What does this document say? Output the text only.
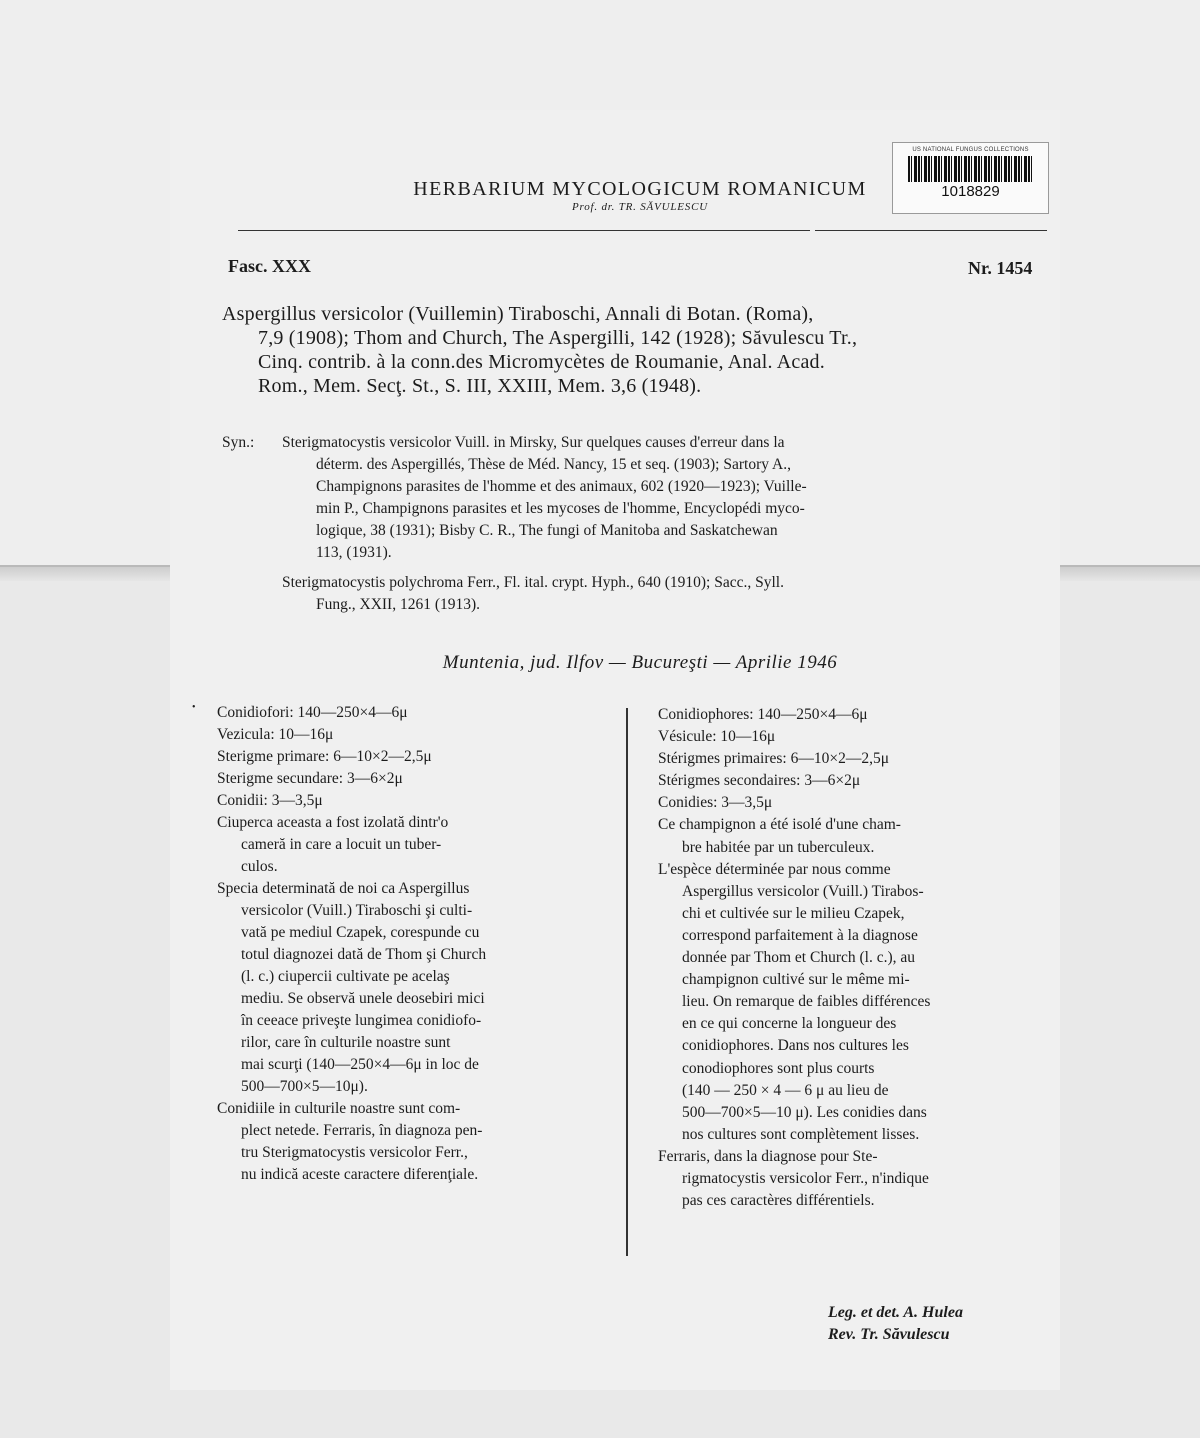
US NATIONAL FUNGUS COLLECTIONS
1018829
HERBARIUM MYCOLOGICUM ROMANICUM
Prof. dr. TR. SĂVULESCU
Fasc. XXX	Nr. 1454
Aspergillus versicolor (Vuillemin) Tiraboschi, Annali di Botan. (Roma),
7,9 (1908); Thom and Church, The Aspergilli, 142 (1928); Săvulescu Tr.,
Cinq. contrib. à la conn.des Micromycètes de Roumanie, Anal. Acad.
Rom., Mem. Secţ. St., S. III, XXIII, Mem. 3,6 (1948).
Syn.: Sterigmatocystis versicolor Vuill. in Mirsky, Sur quelques causes d'erreur dans la
déterm. des Aspergillés, Thèse de Méd. Nancy, 15 et seq. (1903); Sartory A.,
Champignons parasites de l'homme et des animaux, 602 (1920—1923); Vuille-
min P., Champignons parasites et les mycoses de l'homme, Encyclopédi myco-
logique, 38 (1931); Bisby C. R., The fungi of Manitoba and Saskatchewan
113, (1931).
Sterigmatocystis polychroma Ferr., Fl. ital. crypt. Hyph., 640 (1910); Sacc., Syll.
Fung., XXII, 1261 (1913).
Muntenia, jud. Ilfov — Bucureşti — Aprilie 1946
• Conidiofori: 140—250×4—6μ
Vezicula: 10—16μ
Sterigme primare: 6—10×2—2,5μ
Sterigme secundare: 3—6×2μ
Conidii: 3—3,5μ
Ciuperca aceasta a fost izolată dintr'o
cameră in care a locuit un tuber-
culos.
Specia determinată de noi ca Aspergillus
versicolor (Vuill.) Tiraboschi şi culti-
vată pe mediul Czapek, corespunde cu
totul diagnozei dată de Thom şi Church
(l. c.) ciupercii cultivate pe acelaş
mediu. Se observă unele deosebiri mici
în ceeace priveşte lungimea conidiofo-
rilor, care în culturile noastre sunt
mai scurţi (140—250×4—6μ in loc de
500—700×5—10μ).
Conidiile in culturile noastre sunt com-
plect netede. Ferraris, în diagnoza pen-
tru Sterigmatocystis versicolor Ferr.,
nu indică aceste caractere diferenţiale.
Conidiophores: 140—250×4—6μ
Vésicule: 10—16μ
Stérigmes primaires: 6—10×2—2,5μ
Stérigmes secondaires: 3—6×2μ
Conidies: 3—3,5μ
Ce champignon a été isolé d'une cham-
bre habitée par un tuberculeux.
L'espèce déterminée par nous comme
Aspergillus versicolor (Vuill.) Tirabos-
chi et cultivée sur le milieu Czapek,
correspond parfaitement à la diagnose
donnée par Thom et Church (l. c.), au
champignon cultivé sur le même mi-
lieu. On remarque de faibles différences
en ce qui concerne la longueur des
conidiophores. Dans nos cultures les
conodiophores sont plus courts
(140 — 250 × 4 — 6 μ au lieu de
500—700×5—10 μ). Les conidies dans
nos cultures sont complètement lisses.
Ferraris, dans la diagnose pour Ste-
rigmatocystis versicolor Ferr., n'indique
pas ces caractères différentiels.
Leg. et det. A. Hulea
Rev. Tr. Săvulescu
